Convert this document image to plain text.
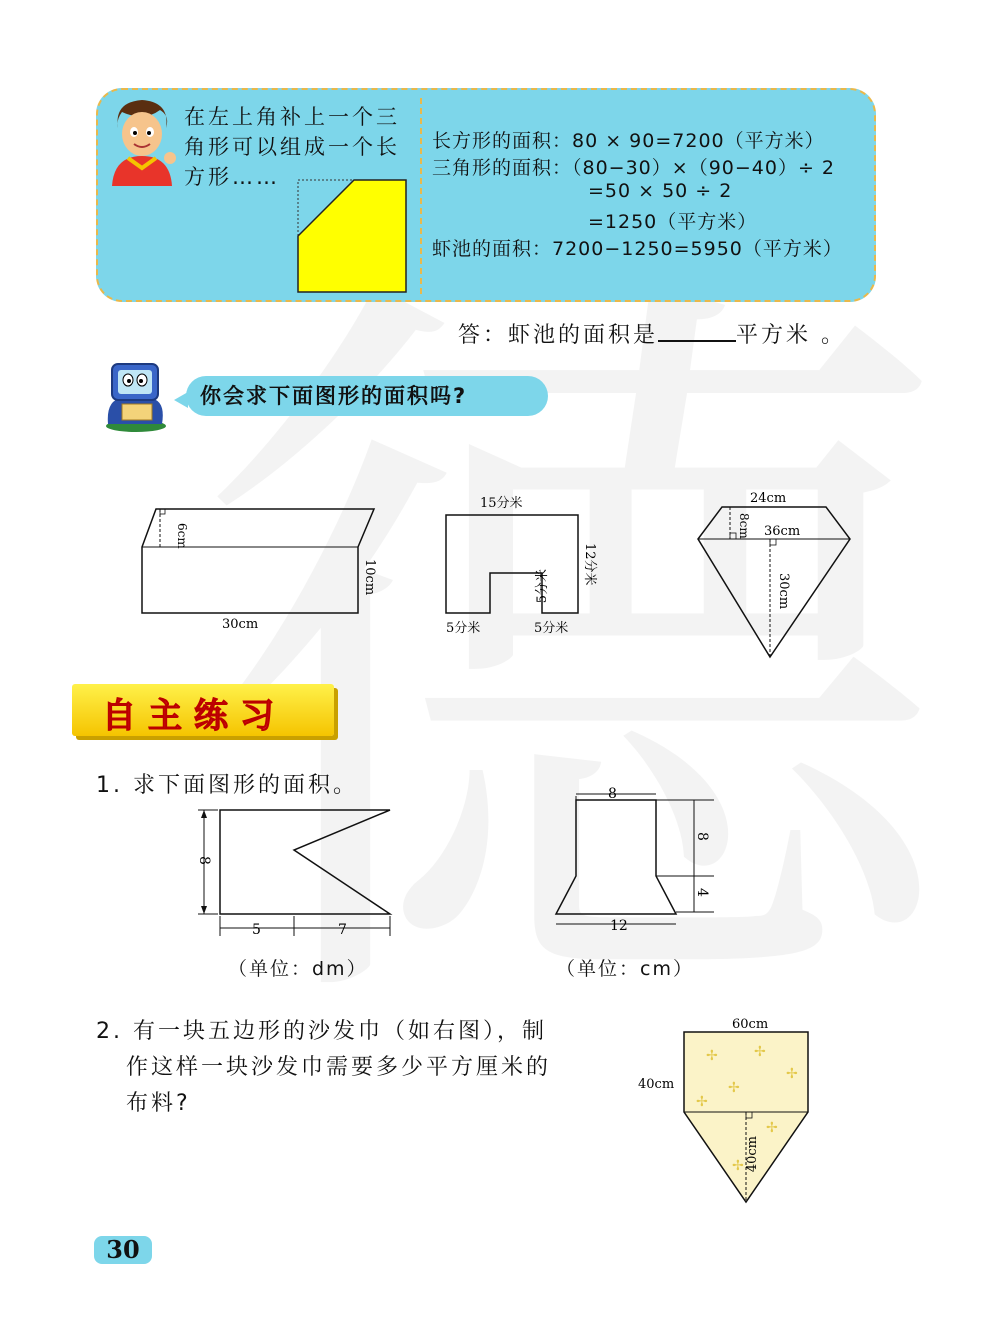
在左上角补上一个三角形可以组成一个长方形……
长方形的面积：80 × 90=7200（平方米）
三角形的面积：（80−30）×（90−40）÷ 2
=50 × 50 ÷ 2
=1250（平方米）
虾池的面积：7200−1250=5950（平方米）
答：虾池的面积是	平方米 。
你会求下面图形的面积吗?
6cm
10cm
30cm
15分米
12分米
5分米
5分米	5分米
24cm
8cm 36cm
30cm
自主练习
1. 求下面图形的面积。
8
5	7
8
8
4
12
（单位：dm）	（单位：cm）
2. 有一块五边形的沙发巾（如右图），制
作这样一块沙发巾需要多少平方厘米的
布料?
✢	✢
✢
✢
✢
✢
✢
60cm
40cm
40cm
30
